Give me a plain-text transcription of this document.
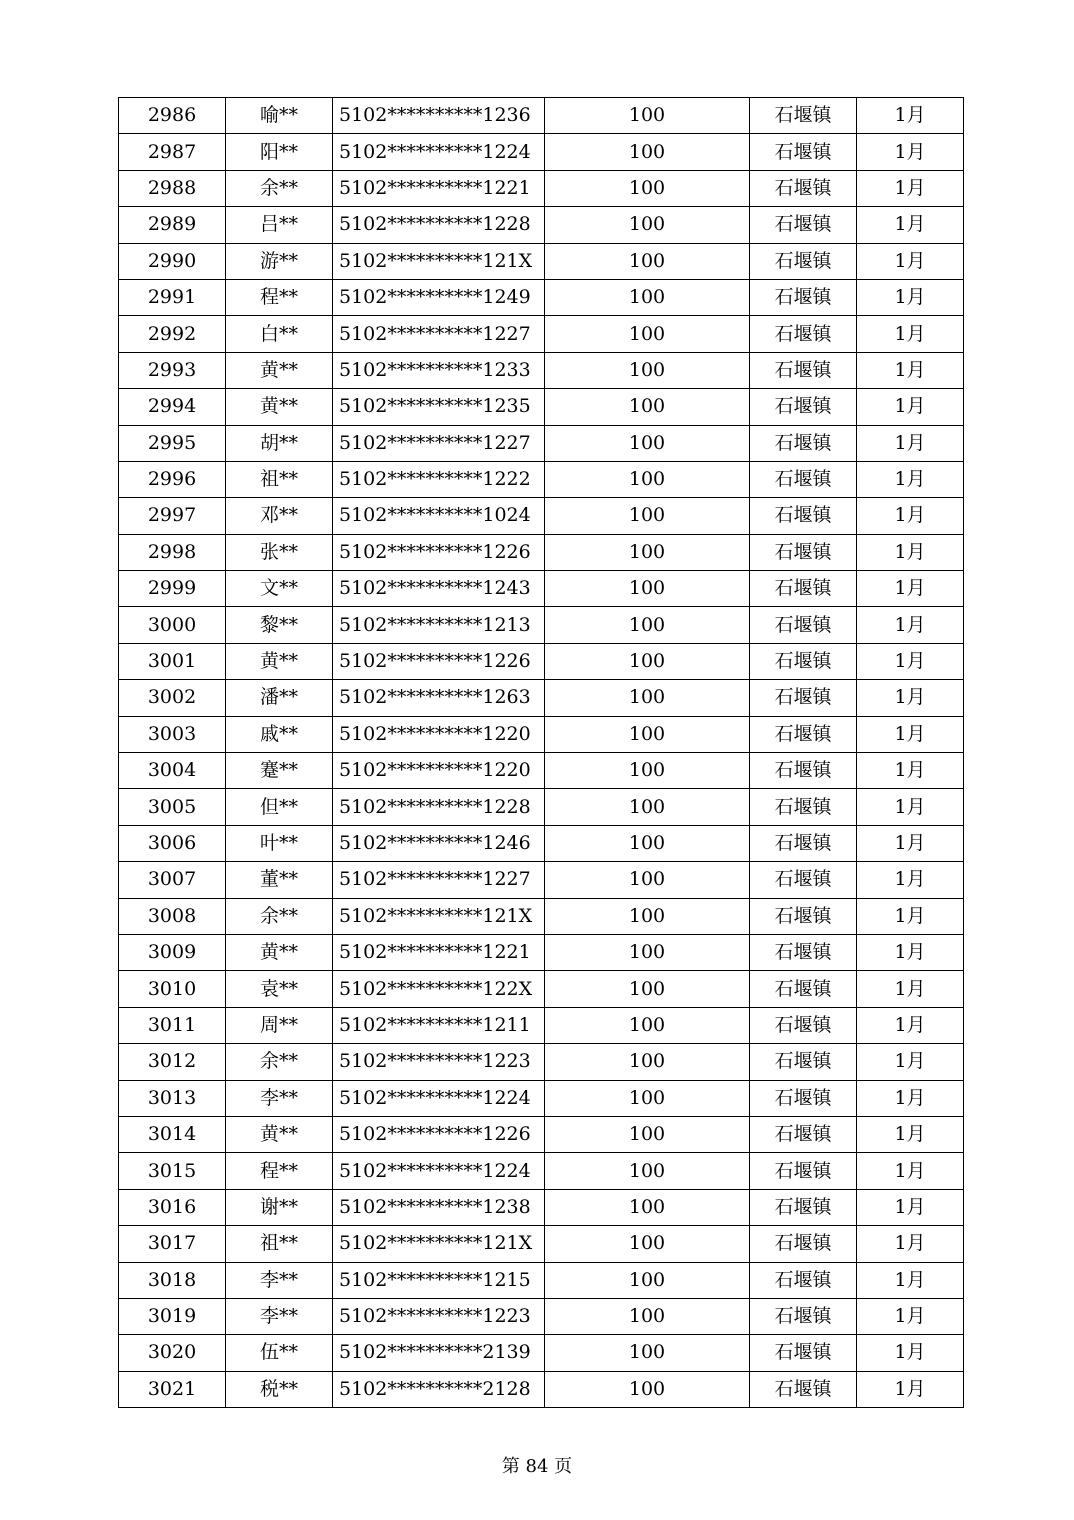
2986	喻**	5102**********1236	100	石堰镇	1月
2987	阳**	5102**********1224	100	石堰镇	1月
2988	余**	5102**********1221	100	石堰镇	1月
2989	吕**	5102**********1228	100	石堰镇	1月
2990	游**	5102**********121X	100	石堰镇	1月
2991	程**	5102**********1249	100	石堰镇	1月
2992	白**	5102**********1227	100	石堰镇	1月
2993	黄**	5102**********1233	100	石堰镇	1月
2994	黄**	5102**********1235	100	石堰镇	1月
2995	胡**	5102**********1227	100	石堰镇	1月
2996	祖**	5102**********1222	100	石堰镇	1月
2997	邓**	5102**********1024	100	石堰镇	1月
2998	张**	5102**********1226	100	石堰镇	1月
2999	文**	5102**********1243	100	石堰镇	1月
3000	黎**	5102**********1213	100	石堰镇	1月
3001	黄**	5102**********1226	100	石堰镇	1月
3002	潘**	5102**********1263	100	石堰镇	1月
3003	戚**	5102**********1220	100	石堰镇	1月
3004	蹇**	5102**********1220	100	石堰镇	1月
3005	但**	5102**********1228	100	石堰镇	1月
3006	叶**	5102**********1246	100	石堰镇	1月
3007	董**	5102**********1227	100	石堰镇	1月
3008	余**	5102**********121X	100	石堰镇	1月
3009	黄**	5102**********1221	100	石堰镇	1月
3010	袁**	5102**********122X	100	石堰镇	1月
3011	周**	5102**********1211	100	石堰镇	1月
3012	余**	5102**********1223	100	石堰镇	1月
3013	李**	5102**********1224	100	石堰镇	1月
3014	黄**	5102**********1226	100	石堰镇	1月
3015	程**	5102**********1224	100	石堰镇	1月
3016	谢**	5102**********1238	100	石堰镇	1月
3017	祖**	5102**********121X	100	石堰镇	1月
3018	李**	5102**********1215	100	石堰镇	1月
3019	李**	5102**********1223	100	石堰镇	1月
3020	伍**	5102**********2139	100	石堰镇	1月
3021	税**	5102**********2128	100	石堰镇	1月
第 84 页
